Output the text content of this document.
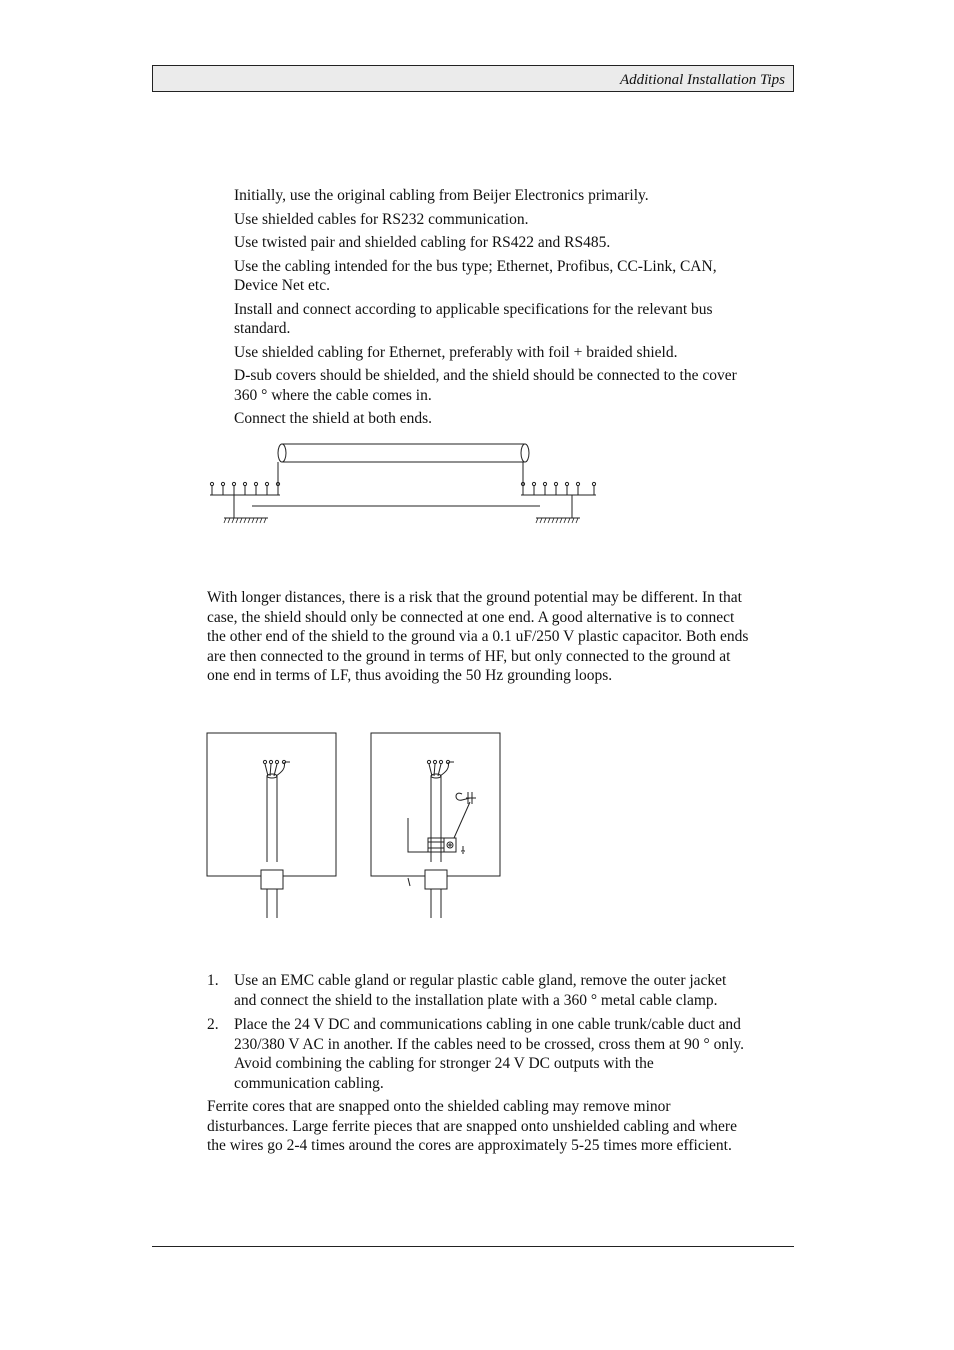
Additional Installation Tips
Initially, use the original cabling from Beijer Electronics primarily.
Use shielded cables for RS232 communication.
Use twisted pair and shielded cabling for RS422 and RS485.
Use the cabling intended for the bus type; Ethernet, Profibus, CC-Link, CAN, Device Net etc.
Install and connect according to applicable specifications for the relevant bus standard.
Use shielded cabling for Ethernet, preferably with foil + braided shield.
D-sub covers should be shielded, and the shield should be connected to the cover 360 ° where the cable comes in.
Connect the shield at both ends.

With longer distances, there is a risk that the ground potential may be different. In that case, the shield should only be connected at one end. A good alternative is to connect the other end of the shield to the ground via a 0.1 uF/250 V plastic capacitor. Both ends are then connected to the ground in terms of HF, but only connected to the ground at one end in terms of LF, thus avoiding the 50 Hz grounding loops.

1. Use an EMC cable gland or regular plastic cable gland, remove the outer jacket and connect the shield to the installation plate with a 360 ° metal cable clamp.
2. Place the 24 V DC and communications cabling in one cable trunk/cable duct and 230/380 V AC in another. If the cables need to be crossed, cross them at 90 ° only. Avoid combining the cabling for stronger 24 V DC outputs with the communication cabling.

Ferrite cores that are snapped onto the shielded cabling may remove minor disturbances. Large ferrite pieces that are snapped onto unshielded cabling and where the wires go 2-4 times around the cores are approximately 5-25 times more efficient.
